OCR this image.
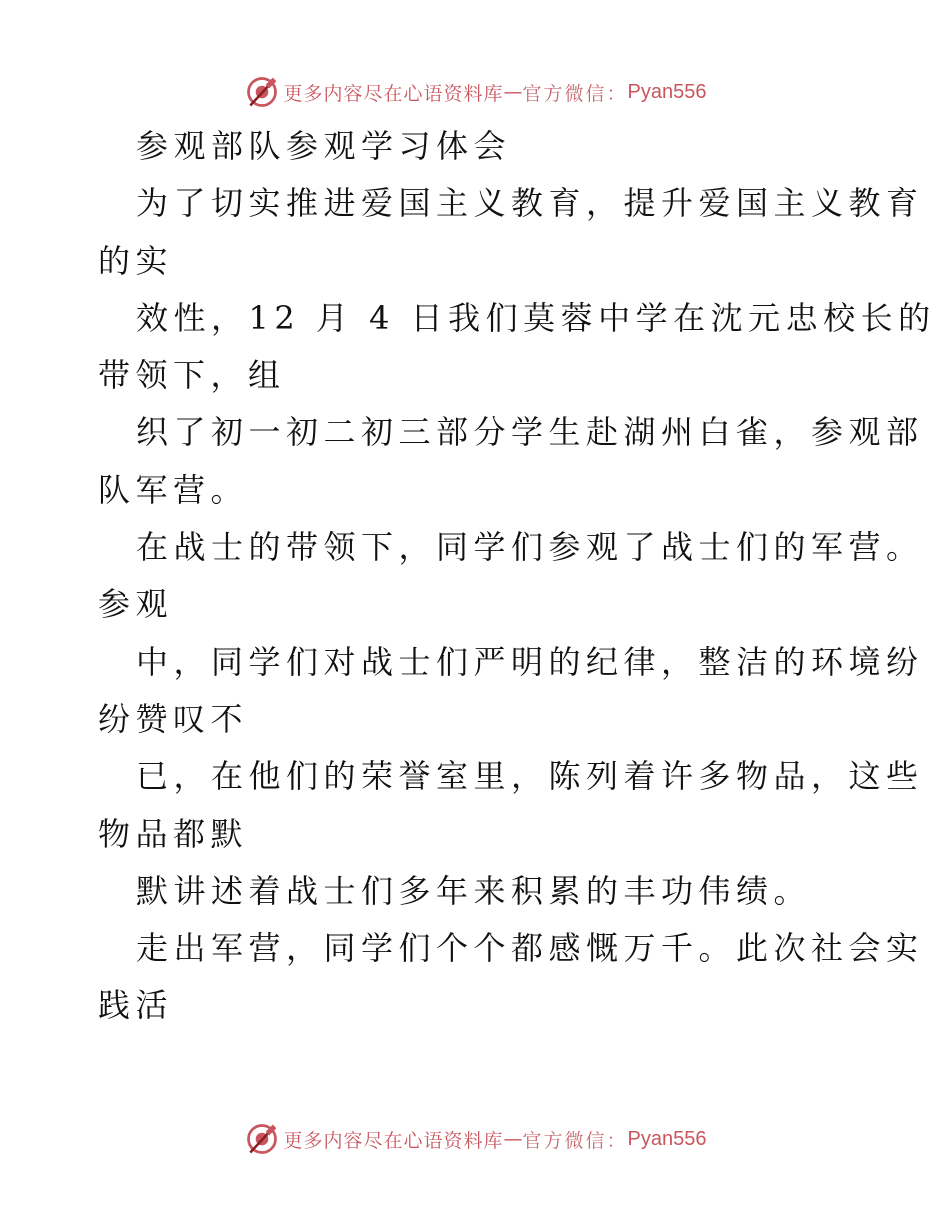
更多内容尽在心语资料库 — 官方微信： Pyan556
参观部队参观学习体会
为了切实推进爱国主义教育，提升爱国主义教育
的实
效性，12 月 4 日我们莫蓉中学在沈元忠校长的
带领下，组
织了初一初二初三部分学生赴湖州白雀，参观部
队军营。
在战士的带领下，同学们参观了战士们的军营。
参观
中，同学们对战士们严明的纪律，整洁的环境纷
纷赞叹不
已，在他们的荣誉室里，陈列着许多物品，这些
物品都默
默讲述着战士们多年来积累的丰功伟绩。
走出军营，同学们个个都感慨万千。此次社会实
践活
更多内容尽在心语资料库 — 官方微信： Pyan556
